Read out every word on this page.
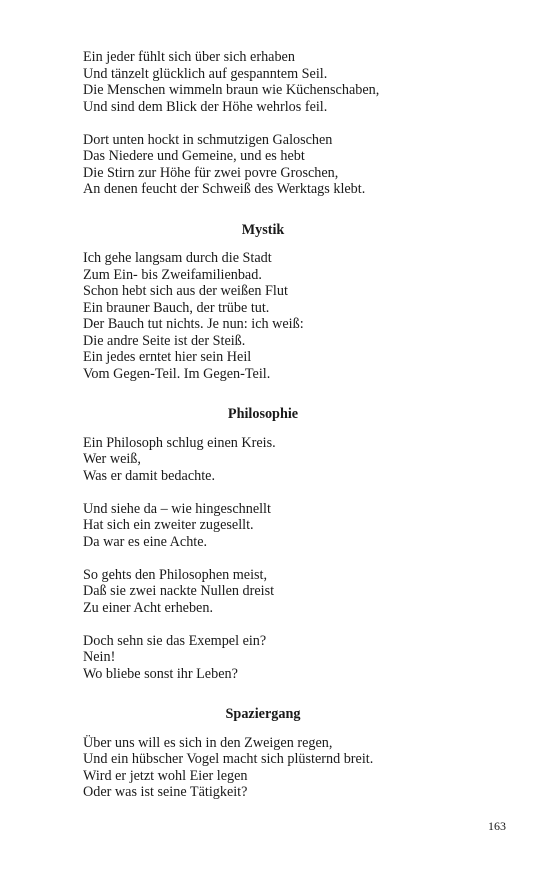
Ein jeder fühlt sich über sich erhaben
Und tänzelt glücklich auf gespanntem Seil.
Die Menschen wimmeln braun wie Küchenschaben,
Und sind dem Blick der Höhe wehrlos feil.
Dort unten hockt in schmutzigen Galoschen
Das Niedere und Gemeine, und es hebt
Die Stirn zur Höhe für zwei povre Groschen,
An denen feucht der Schweiß des Werktags klebt.
Mystik
Ich gehe langsam durch die Stadt
Zum Ein- bis Zweifamilienbad.
Schon hebt sich aus der weißen Flut
Ein brauner Bauch, der trübe tut.
Der Bauch tut nichts. Je nun: ich weiß:
Die andre Seite ist der Steiß.
Ein jedes erntet hier sein Heil
Vom Gegen-Teil. Im Gegen-Teil.
Philosophie
Ein Philosoph schlug einen Kreis.
Wer weiß,
Was er damit bedachte.
Und siehe da – wie hingeschnellt
Hat sich ein zweiter zugesellt.
Da war es eine Achte.
So gehts den Philosophen meist,
Daß sie zwei nackte Nullen dreist
Zu einer Acht erheben.
Doch sehn sie das Exempel ein?
Nein!
Wo bliebe sonst ihr Leben?
Spaziergang
Über uns will es sich in den Zweigen regen,
Und ein hübscher Vogel macht sich plüsternd breit.
Wird er jetzt wohl Eier legen
Oder was ist seine Tätigkeit?
163
